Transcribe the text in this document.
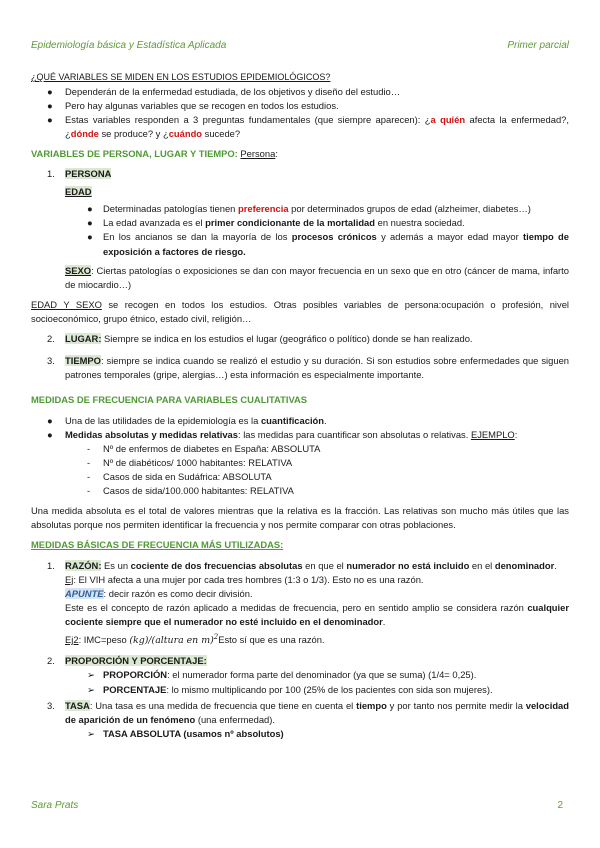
Epidemiología básica y Estadística Aplicada	Primer parcial

¿QUÉ VARIABLES SE MIDEN EN LOS ESTUDIOS EPIDEMIOLÓGICOS?

● Dependerán de la enfermedad estudiada, de los objetivos y diseño del estudio…
● Pero hay algunas variables que se recogen en todos los estudios.
● Estas variables responden a 3 preguntas fundamentales (que siempre aparecen): ¿a quién afecta la enfermedad?, ¿dónde se produce? y ¿cuándo sucede?

VARIABLES DE PERSONA, LUGAR Y TIEMPO: Persona:

1. PERSONA
EDAD
● Determinadas patologías tienen preferencia por determinados grupos de edad (alzheimer, diabetes…)
● La edad avanzada es el primer condicionante de la mortalidad en nuestra sociedad.
● En los ancianos se dan la mayoría de los procesos crónicos y además a mayor edad mayor tiempo de exposición a factores de riesgo.
SEXO: Ciertas patologías o exposiciones se dan con mayor frecuencia en un sexo que en otro (cáncer de mama, infarto de miocardio…)

EDAD Y SEXO se recogen en todos los estudios. Otras posibles variables de persona:ocupación o profesión, nivel socioeconómico, grupo étnico, estado civil, religión…

2. LUGAR: Siempre se indica en los estudios el lugar (geográfico o político) donde se han realizado.
3. TIEMPO: siempre se indica cuando se realizó el estudio y su duración. Si son estudios sobre enfermedades que siguen patrones temporales (gripe, alergias…) esta información es especialmente importante.

MEDIDAS DE FRECUENCIA PARA VARIABLES CUALITATIVAS

● Una de las utilidades de la epidemiología es la cuantificación.
● Medidas absolutas y medidas relativas: las medidas para cuantificar son absolutas o relativas. EJEMPLO:
- Nº de enfermos de diabetes en España: ABSOLUTA
- Nº de diabéticos/ 1000 habitantes: RELATIVA
- Casos de sida en Sudáfrica: ABSOLUTA
- Casos de sida/100.000 habitantes: RELATIVA

Una medida absoluta es el total de valores mientras que la relativa es la fracción. Las relativas son mucho más útiles que las absolutas porque nos permiten identificar la frecuencia y nos permite comparar con otras poblaciones.

MEDIDAS BÁSICAS DE FRECUENCIA MÁS UTILIZADAS:

1. RAZÓN: Es un cociente de dos frecuencias absolutas en que el numerador no está incluido en el denominador.
Ej: El VIH afecta a una mujer por cada tres hombres (1:3 o 1/3). Esto no es una razón.
APUNTE: decir razón es como decir división.
Este es el concepto de razón aplicado a medidas de frecuencia, pero en sentido amplio se considera razón cualquier cociente siempre que el numerador no esté incluido en el denominador.
Ej2: IMC=peso (kg)/(altura en m)$^2$Esto sí que es una razón.
2. PROPORCIÓN Y PORCENTAJE:
➢ PROPORCIÓN: el numerador forma parte del denominador (ya que se suma) (1/4= 0,25).
➢ PORCENTAJE: lo mismo multiplicando por 100 (25% de los pacientes con sida son mujeres).
3. TASA: Una tasa es una medida de frecuencia que tiene en cuenta el tiempo y por tanto nos permite medir la velocidad de aparición de un fenómeno (una enfermedad).
➢ TASA ABSOLUTA (usamos nº absolutos)
Sara Prats	2
